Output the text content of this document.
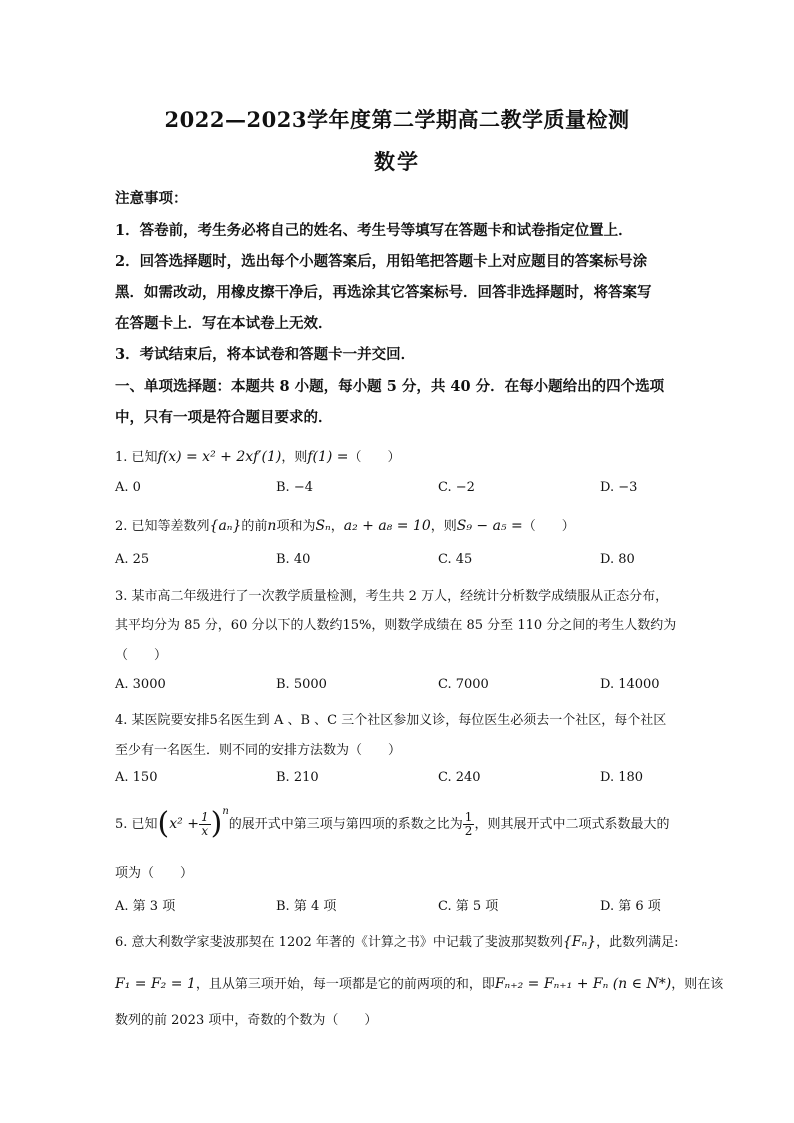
2022—2023学年度第二学期高二教学质量检测
数学
注意事项：
1．答卷前，考生务必将自己的姓名、考生号等填写在答题卡和试卷指定位置上．
2．回答选择题时，选出每个小题答案后，用铅笔把答题卡上对应题目的答案标号涂
黑．如需改动，用橡皮擦干净后，再选涂其它答案标号．回答非选择题时，将答案写
在答题卡上．写在本试卷上无效．
3．考试结束后，将本试卷和答题卡一并交回．
一、单项选择题：本题共 8 小题，每小题 5 分，共 40 分．在每小题给出的四个选项
中，只有一项是符合题目要求的．
1. 已知f(x) = x² + 2xf′(1)，则f(1) =（　　）
A. 0	B. −4	C. −2	D. −3
2. 已知等差数列{aₙ}的前n项和为Sₙ，a₂ + a₈ = 10，则S₉ − a₅ =（　　）
A. 25	B. 40	C. 45	D. 80
3. 某市高二年级进行了一次教学质量检测，考生共 2 万人，经统计分析数学成绩服从正态分布，
其平均分为 85 分，60 分以下的人数约15%，则数学成绩在 85 分至 110 分之间的考生人数约为
（　　）
A. 3000	B. 5000	C. 7000	D. 14000
4. 某医院要安排5名医生到 A 、B 、C 三个社区参加义诊，每位医生必须去一个社区，每个社区
至少有一名医生．则不同的安排方法数为（　　）
A. 150	B. 210	C. 240	D. 180
5. 已知$(x^2 + \frac{1}{x} )^n$的展开式中第三项与第四项的系数之比为 $\frac{1}{2}$ ，则其展开式中二项式系数最大的
项为（　　）
A. 第 3 项	B. 第 4 项	C. 第 5 项	D. 第 6 项
6. 意大利数学家斐波那契在 1202 年著的《计算之书》中记载了斐波那契数列{Fₙ}，此数列满足:
F₁ = F₂ = 1，且从第三项开始，每一项都是它的前两项的和，即Fₙ₊₂ = Fₙ₊₁ + Fₙ (n ∈ N*)，则在该
数列的前 2023 项中，奇数的个数为（　　）
